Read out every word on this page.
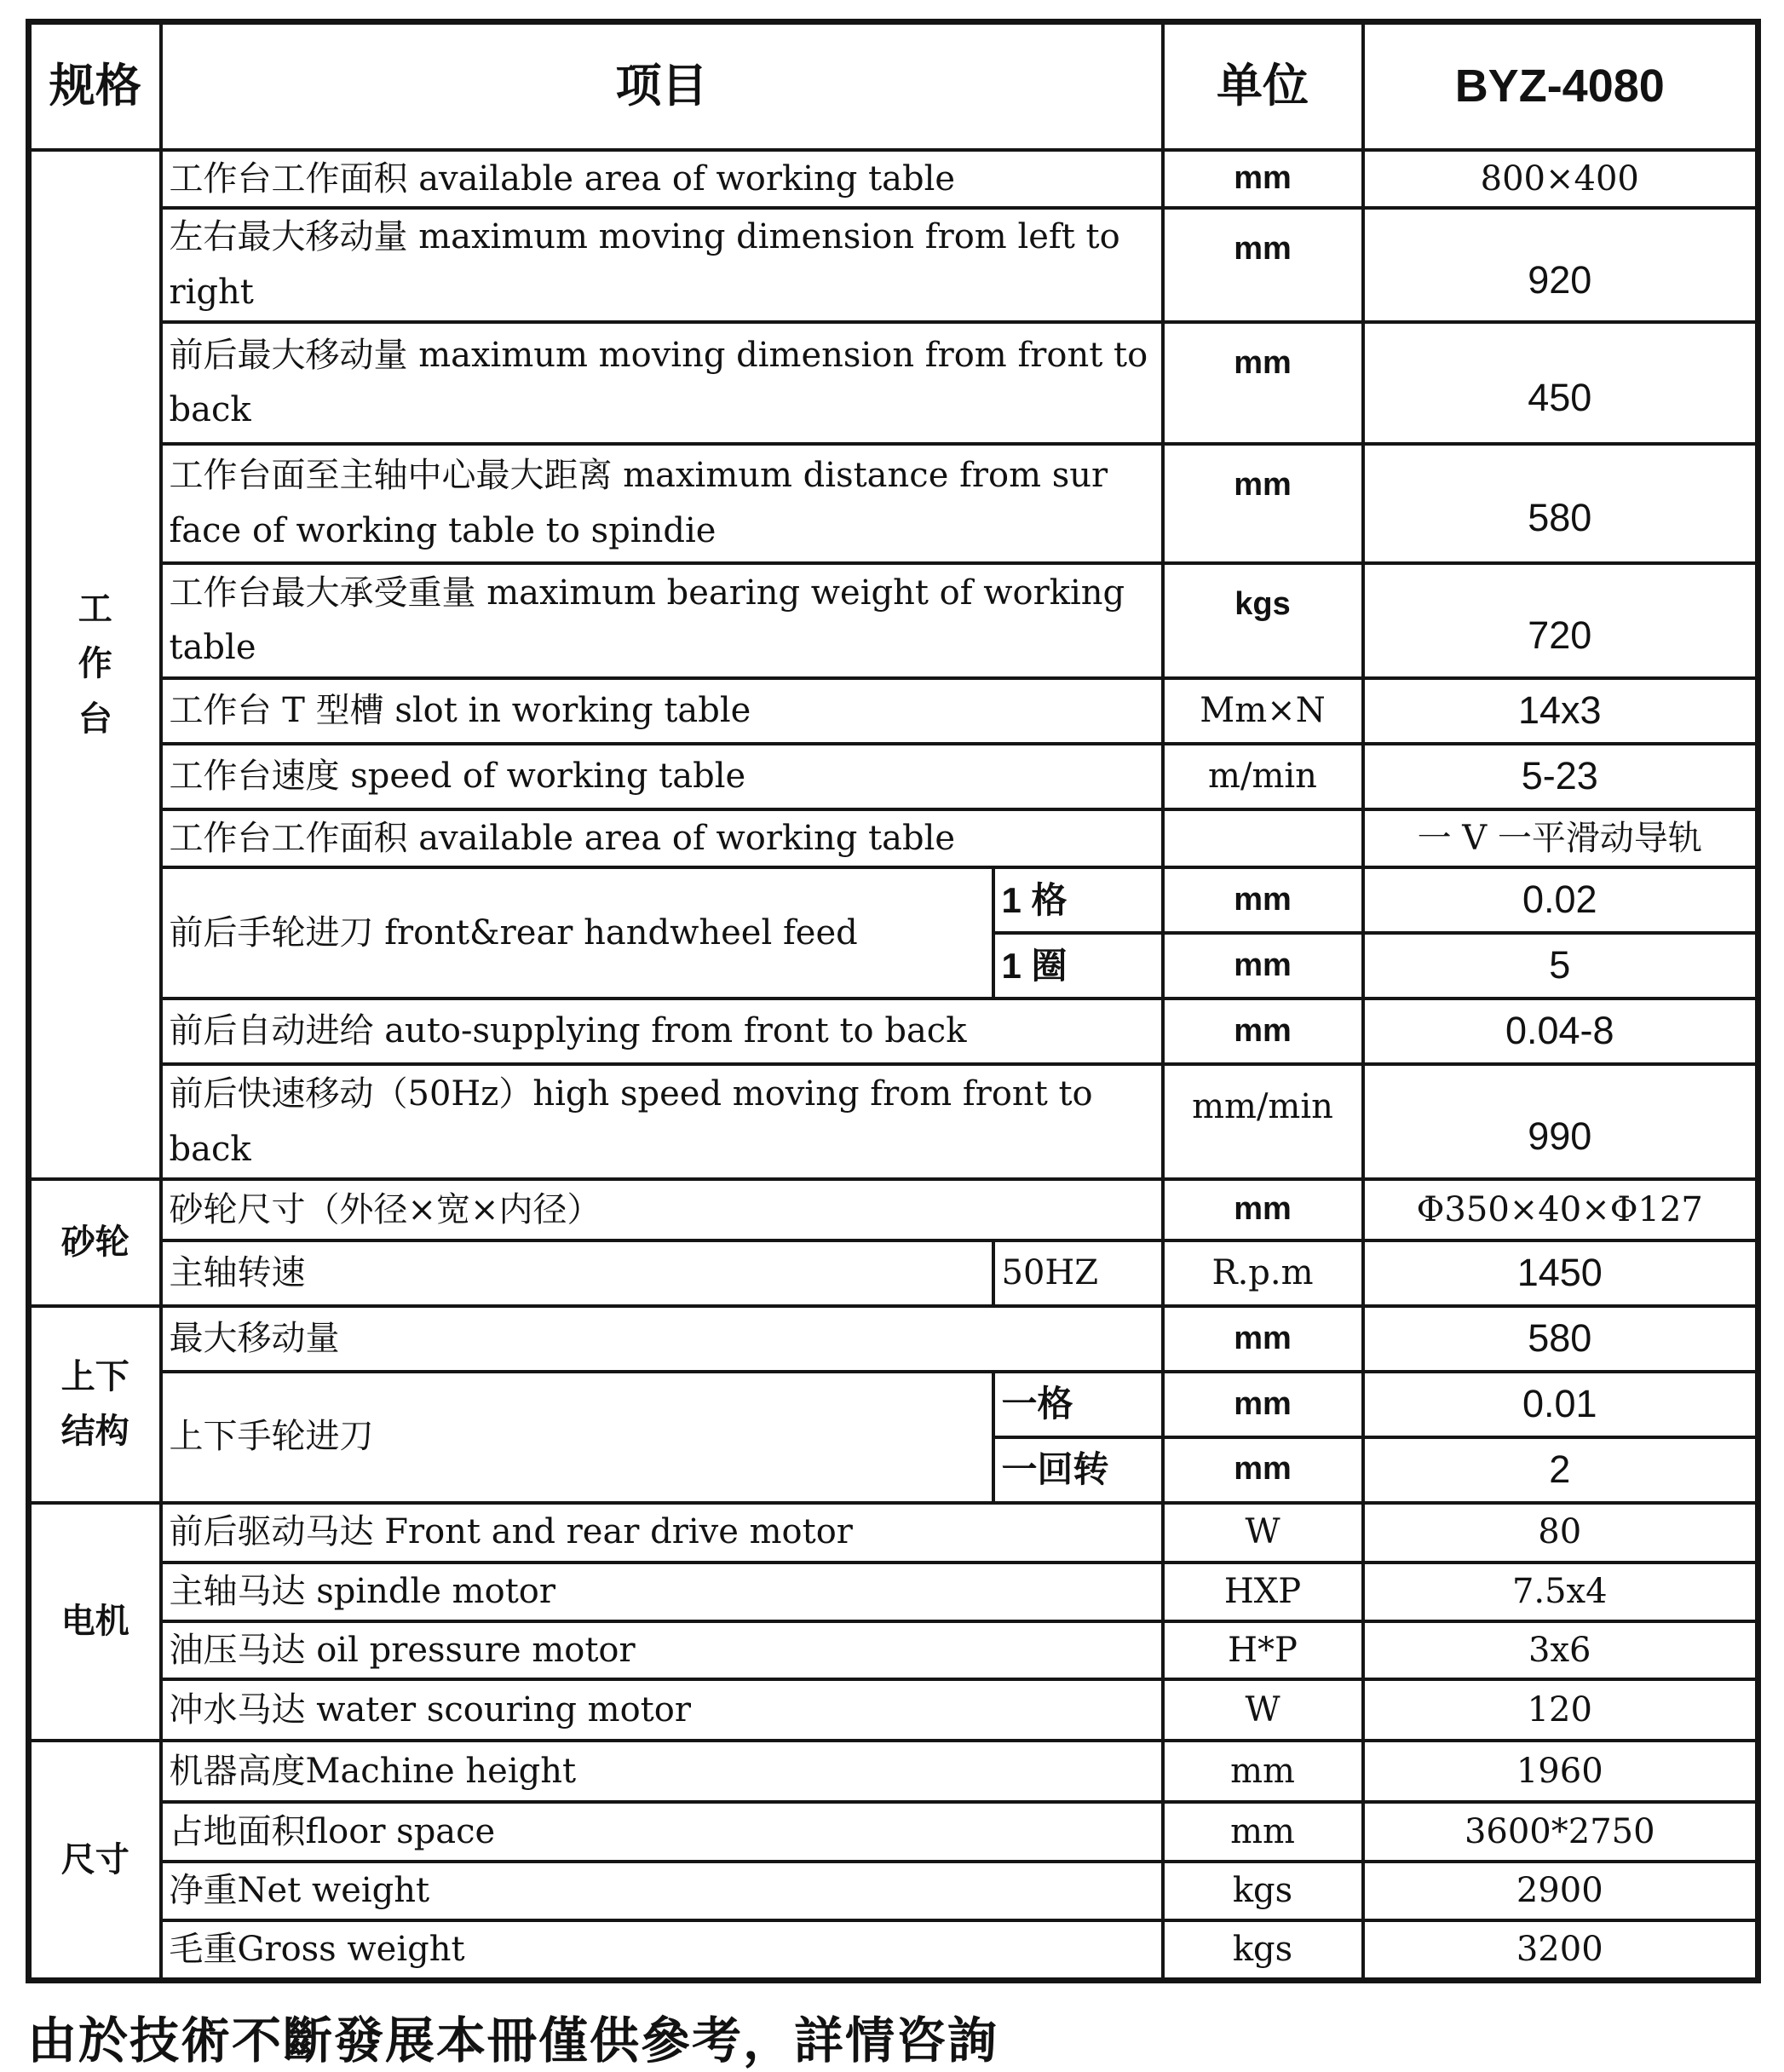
规格	项目		单位	BYZ-4080

工
作
台	工作台工作面积 available area of working table		mm	800×400
	左右最大移动量 maximum moving dimension from left to right		mm	920
	前后最大移动量 maximum moving dimension from front to back		mm	450
	工作台面至主轴中心最大距离 maximum distance from sur face of working table to spindie		mm	580
	工作台最大承受重量 maximum bearing weight of working table		kgs	720
	工作台 T 型槽 slot in working table		Mm×N	14x3
	工作台速度 speed of working table		m/min	5-23
	工作台工作面积 available area of working table			一 V 一平滑动导轨
	前后手轮进刀 front&rear handwheel feed	1 格	mm	0.02
		1 圈	mm	5
	前后自动进给 auto-supplying from front to back		mm	0.04-8
	前后快速移动（50Hz）high speed moving from front to back		mm/min	990
砂轮	砂轮尺寸（外径×宽×内径）		mm	Φ350×40×Φ127
	主轴转速	50HZ	R.p.m	1450
上下
结构	最大移动量		mm	580
	上下手轮进刀	一格	mm	0.01
		一回转	mm	2
电机	前后驱动马达 Front and rear drive motor		W	80
	主轴马达 spindle motor		HXP	7.5x4
	油压马达 oil pressure motor		H*P	3x6
	冲水马达 water scouring motor		W	120
尺寸	机器高度Machine height		mm	1960
	占地面积floor space		mm	3600*2750
	净重Net weight		kgs	2900
	毛重Gross weight		kgs	3200
由於技術不斷發展本冊僅供參考，詳情咨詢
